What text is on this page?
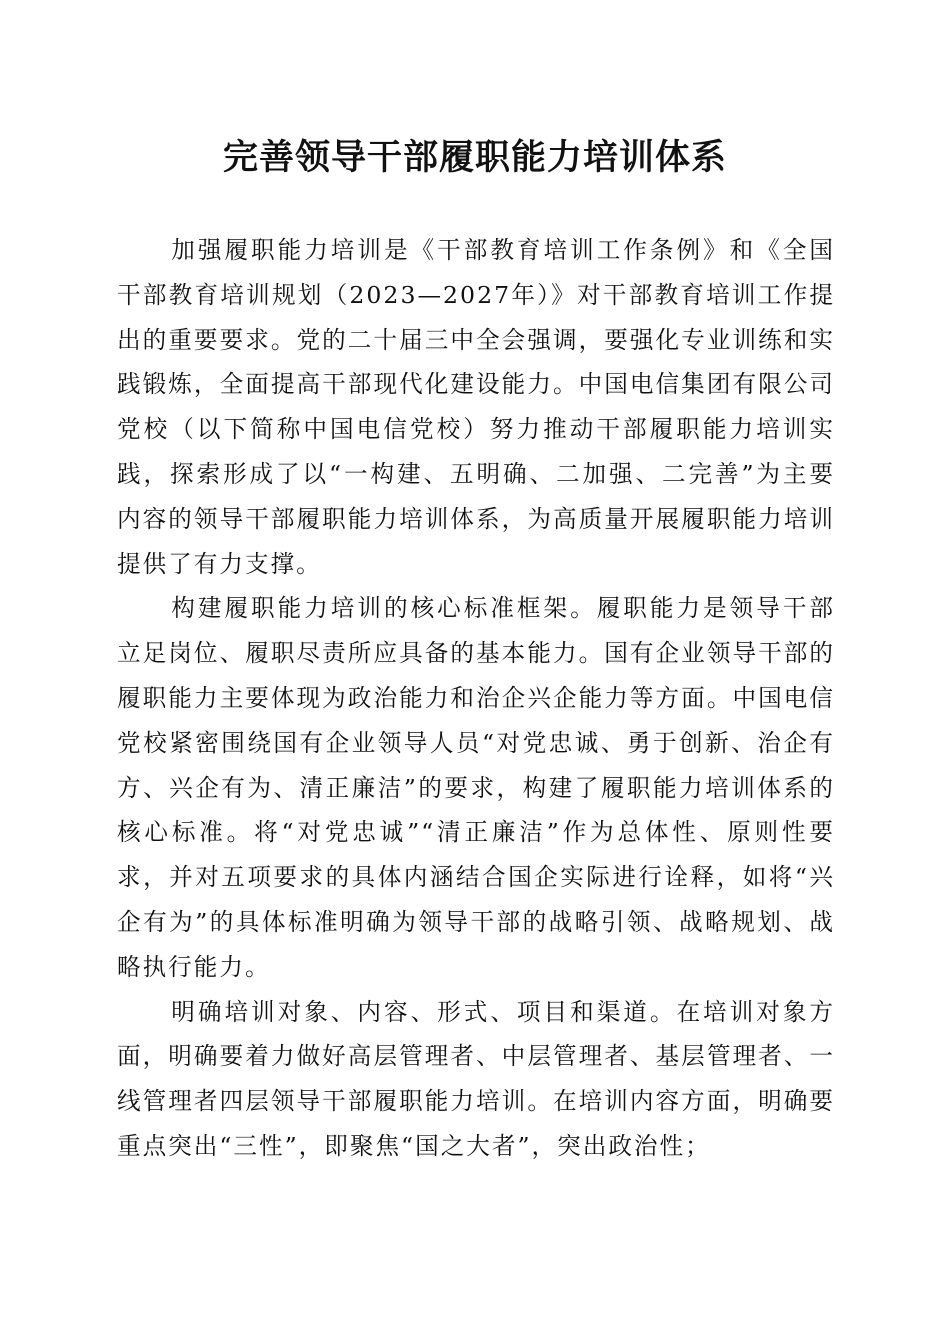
完善领导干部履职能力培训体系

加强履职能力培训是《干部教育培训工作条例》和《全国干部教育培训规划（2023—2027年）》对干部教育培训工作提出的重要要求。党的二十届三中全会强调，要强化专业训练和实践锻炼，全面提高干部现代化建设能力。中国电信集团有限公司党校（以下简称中国电信党校）努力推动干部履职能力培训实践，探索形成了以“一构建、五明确、二加强、二完善”为主要内容的领导干部履职能力培训体系，为高质量开展履职能力培训提供了有力支撑。

构建履职能力培训的核心标准框架。履职能力是领导干部立足岗位、履职尽责所应具备的基本能力。国有企业领导干部的履职能力主要体现为政治能力和治企兴企能力等方面。中国电信党校紧密围绕国有企业领导人员“对党忠诚、勇于创新、治企有方、兴企有为、清正廉洁”的要求，构建了履职能力培训体系的核心标准。将“对党忠诚”“清正廉洁”作为总体性、原则性要求，并对五项要求的具体内涵结合国企实际进行诠释，如将“兴企有为”的具体标准明确为领导干部的战略引领、战略规划、战略执行能力。

明确培训对象、内容、形式、项目和渠道。在培训对象方面，明确要着力做好高层管理者、中层管理者、基层管理者、一线管理者四层领导干部履职能力培训。在培训内容方面，明确要重点突出“三性”，即聚焦“国之大者”，突出政治性；
